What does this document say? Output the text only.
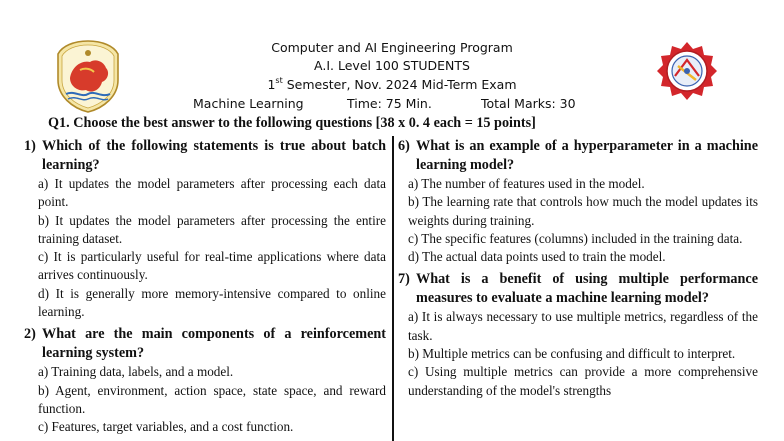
Computer and AI Engineering Program
A.I. Level 100 STUDENTS
1st Semester, Nov. 2024 Mid-Term Exam
Machine Learning	Time: 75 Min.	Total Marks: 30
Q1. Choose the best answer to the following questions [38 x 0. 4 each = 15 points]
1) Which of the following statements is true about batch learning?
a) It updates the model parameters after processing each data point.
b) It updates the model parameters after processing the entire training dataset.
c) It is particularly useful for real-time applications where data arrives continuously.
d) It is generally more memory-intensive compared to online learning.
2) What are the main components of a reinforcement learning system?
a) Training data, labels, and a model.
b) Agent, environment, action space, state space, and reward function.
c) Features, target variables, and a cost function.
6) What is an example of a hyperparameter in a machine learning model?
a) The number of features used in the model.
b) The learning rate that controls how much the model updates its weights during training.
c) The specific features (columns) included in the training data.
d) The actual data points used to train the model.
7) What is a benefit of using multiple performance measures to evaluate a machine learning model?
a) It is always necessary to use multiple metrics, regardless of the task.
b) Multiple metrics can be confusing and difficult to interpret.
c) Using multiple metrics can provide a more comprehensive understanding of the model's strengths
